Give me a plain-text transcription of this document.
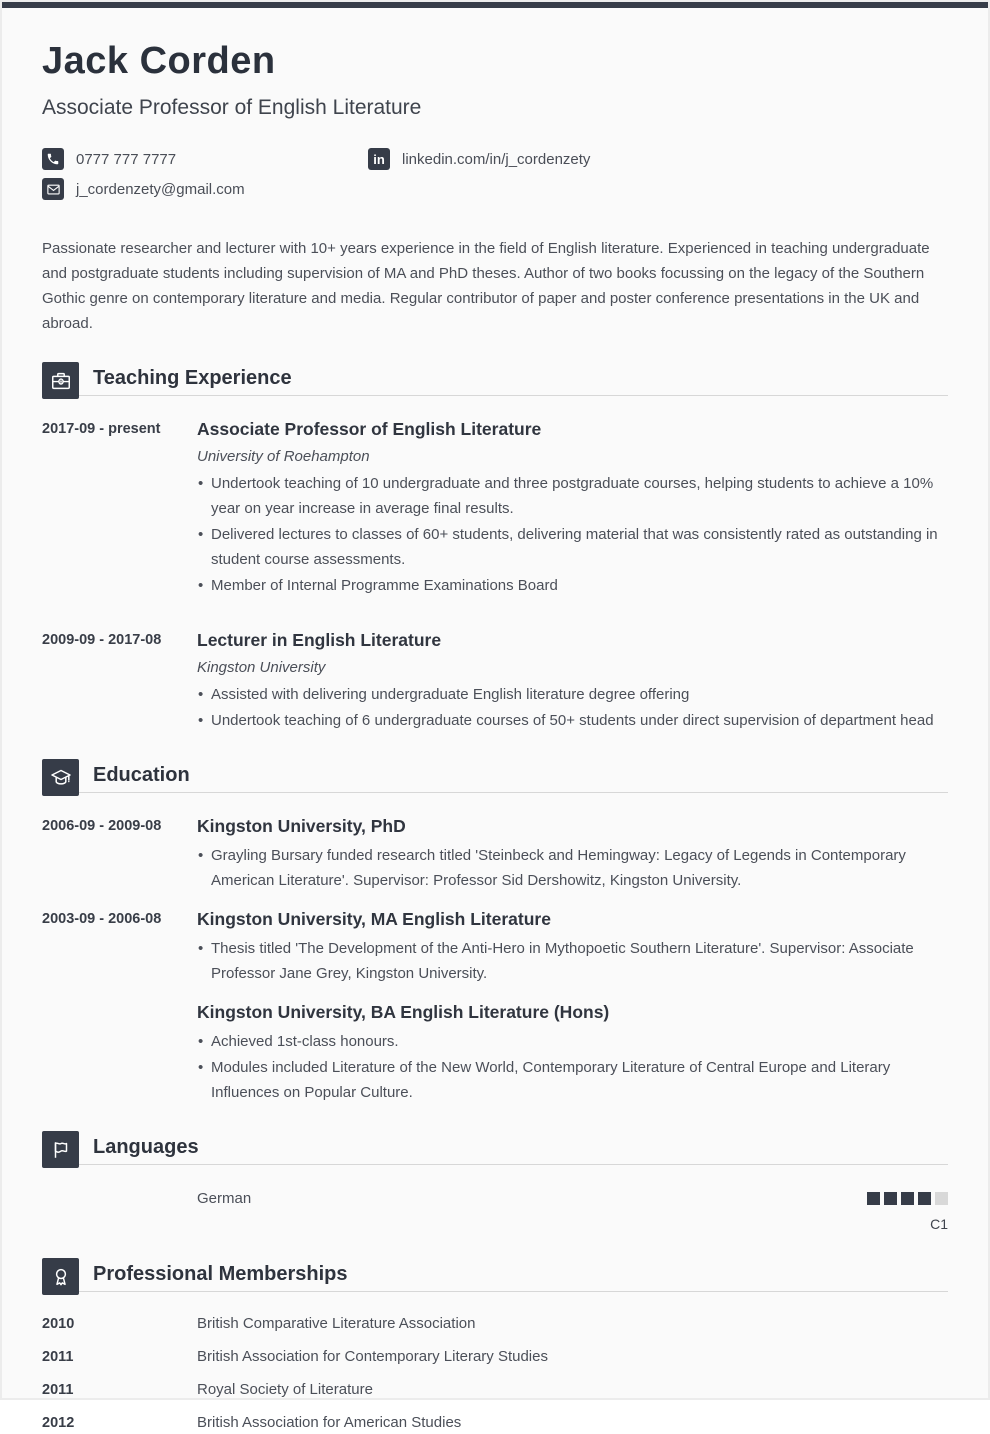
Jack Corden
Associate Professor of English Literature
0777 777 7777	in linkedin.com/in/j_cordenzety
j_cordenzety@gmail.com

Passionate researcher and lecturer with 10+ years experience in the field of English literature. Experienced in teaching undergraduate and postgraduate students including supervision of MA and PhD theses. Author of two books focussing on the legacy of the Southern Gothic genre on contemporary literature and media. Regular contributor of paper and poster conference presentations in the UK and abroad.

Teaching Experience
2017-09 - present	Associate Professor of English Literature
University of Roehampton
• Undertook teaching of 10 undergraduate and three postgraduate courses, helping students to achieve a 10% year on year increase in average final results.
• Delivered lectures to classes of 60+ students, delivering material that was consistently rated as outstanding in student course assessments.
• Member of Internal Programme Examinations Board
2009-09 - 2017-08	Lecturer in English Literature
Kingston University
• Assisted with delivering undergraduate English literature degree offering
• Undertook teaching of 6 undergraduate courses of 50+ students under direct supervision of department head
Education
2006-09 - 2009-08	Kingston University, PhD
• Grayling Bursary funded research titled 'Steinbeck and Hemingway: Legacy of Legends in Contemporary American Literature'. Supervisor: Professor Sid Dershowitz, Kingston University.
2003-09 - 2006-08	Kingston University, MA English Literature
• Thesis titled 'The Development of the Anti-Hero in Mythopoetic Southern Literature'. Supervisor: Associate Professor Jane Grey, Kingston University.
Kingston University, BA English Literature (Hons)
• Achieved 1st-class honours.
• Modules included Literature of the New World, Contemporary Literature of Central Europe and Literary Influences on Popular Culture.
Languages
German
C1
Professional Memberships
2010	British Comparative Literature Association
2011	British Association for Contemporary Literary Studies
2011	Royal Society of Literature
2012	British Association for American Studies
